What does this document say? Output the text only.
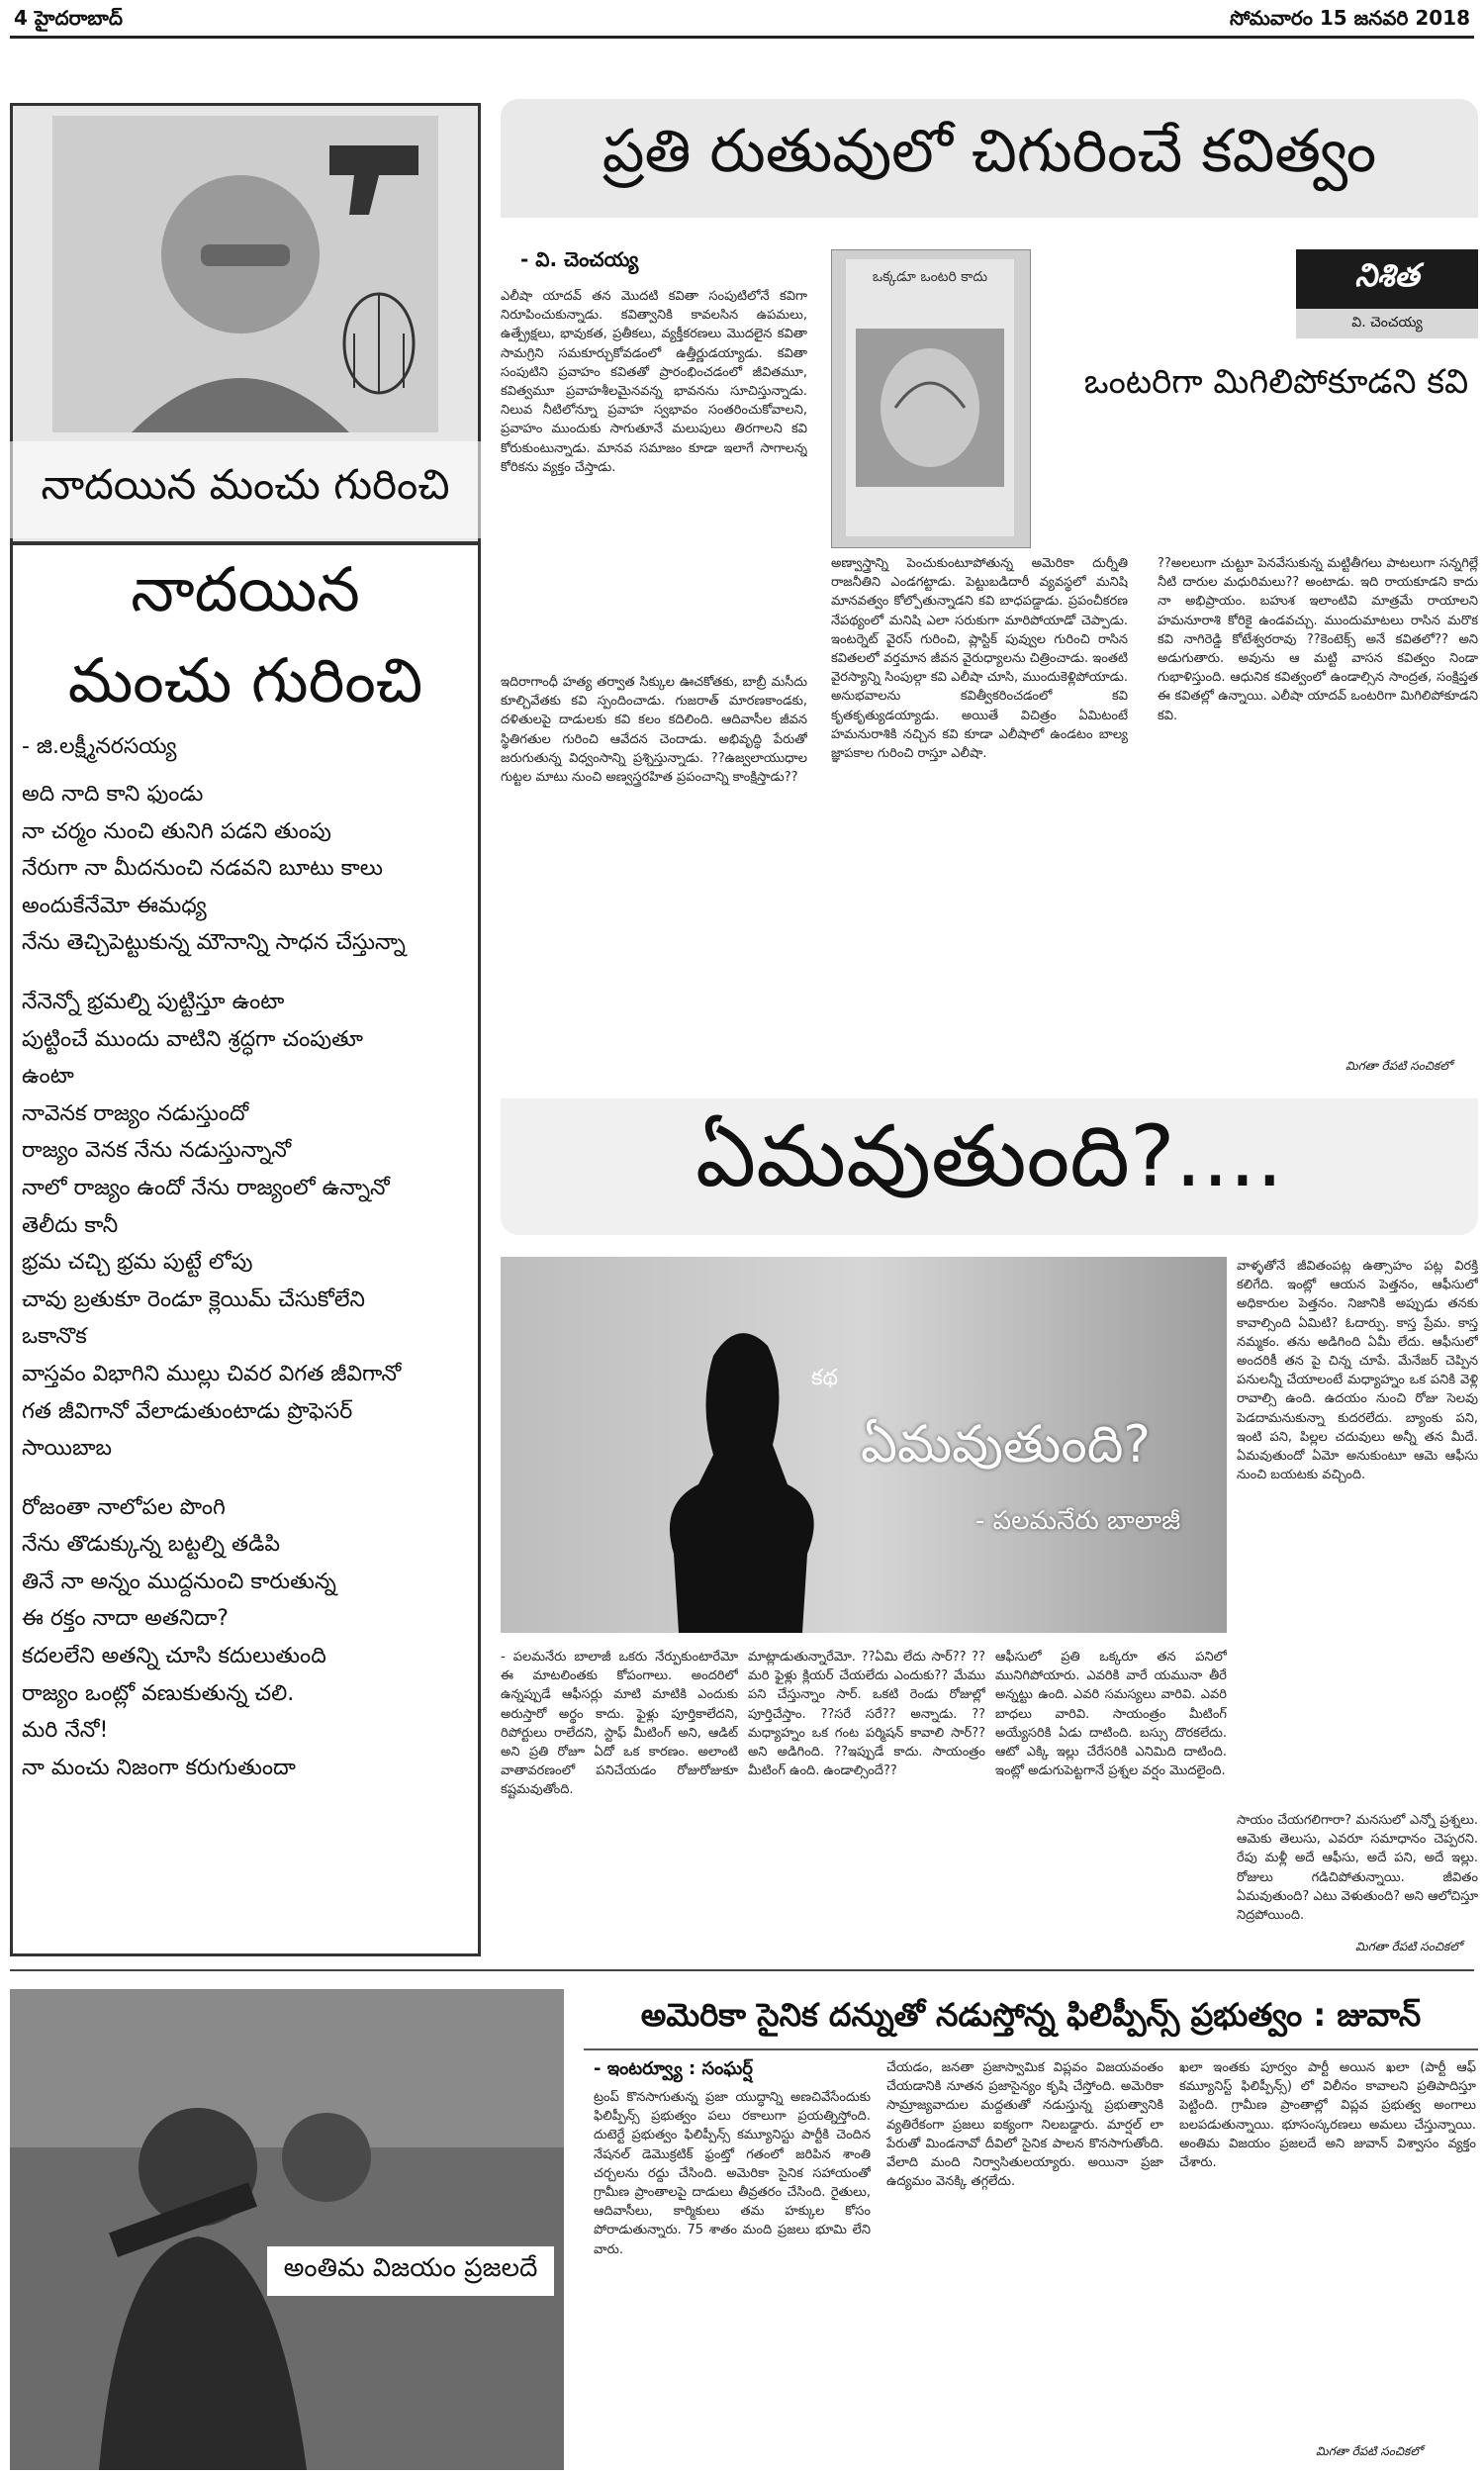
4 హైదరాబాద్	సోమవారం 15 జనవరి 2018
నాదయిన మంచు గురించి
నాదయిన
మంచు గురించి
- జి.లక్ష్మీనరసయ్య
అది నాది కాని ఫుండు
నా చర్మం నుంచి తునిగి పడని తుంపు
నేరుగా నా మీదనుంచి నడవని బూటు కాలు
అందుకేనేమో ఈమధ్య
నేను తెచ్చిపెట్టుకున్న మౌనాన్ని సాధన చేస్తున్నా
నేనెన్నో భ్రమల్ని పుట్టిస్తూ ఉంటా
పుట్టించే ముందు వాటిని శ్రద్ధగా చంపుతూ
ఉంటా
నావెనక రాజ్యం నడుస్తుందో
రాజ్యం వెనక నేను నడుస్తున్నానో
నాలో రాజ్యం ఉందో నేను రాజ్యంలో ఉన్నానో
తెలీదు కానీ
భ్రమ చచ్చి భ్రమ పుట్టే లోపు
చావు బ్రతుకూ రెండూ క్లెయిమ్ చేసుకోలేని
ఒకానొక
వాస్తవం విభాగిని ముల్లు చివర విగత జీవిగానో
గత జీవిగానో వేలాడుతుంటాడు ప్రొఫెసర్
సాయిబాబ
రోజంతా నాలోపల పొంగి
నేను తొడుక్కున్న బట్టల్ని తడిపి
తినే నా అన్నం ముద్దనుంచి కారుతున్న
ఈ రక్తం నాదా అతనిదా?
కదలలేని అతన్ని చూసి కదులుతుంది
రాజ్యం ఒంట్లో వణుకుతున్న చలి.
మరి నేనో!
నా మంచు నిజంగా కరుగుతుందా
ప్రతి రుతువులో చిగురించే కవిత్వం
- వి. చెంచయ్య
ఎలీషా యాదవ్ తన మొదటి కవితా సంపుటిలోనే కవిగా నిరూపించుకున్నాడు. కవిత్వానికి కావలసిన ఉపమలు, ఉత్ప్రేక్షలు, భావుకత, ప్రతీకలు, వ్యక్తీకరణలు మొదలైన కవితా సామగ్రిని సమకూర్చుకోవడంలో ఉత్తీర్ణుడయ్యాడు. కవితా సంపుటిని ప్రవాహం కవితతో ప్రారంభించడంలో జీవితమూ, కవిత్వమూ ప్రవాహశీలమైనవన్న భావనను సూచిస్తున్నాడు. నిలువ నీటిలోన్నూ ప్రవాహ స్వభావం సంతరించుకోవాలని, ప్రవాహం ముందుకు సాగుతూనే మలుపులు తిరగాలని కవి కోరుకుంటున్నాడు. మానవ సమాజం కూడా ఇలాగే సాగాలన్న కోరికను వ్యక్తం చేస్తాడు.
ఇదిరాగాంధీ హత్య తర్వాత సిక్కుల ఊచకోతకు, బాబ్రీ మసీదు కూల్చివేతకు కవి స్పందించాడు. గుజరాత్ మారణకాండకు, దళితులపై దాడులకు కవి కలం కదిలింది. ఆదివాసీల జీవన స్థితిగతుల గురించి ఆవేదన చెందాడు. అభివృద్ధి పేరుతో జరుగుతున్న విధ్వంసాన్ని ప్రశ్నిస్తున్నాడు. ??ఉజ్వలాయుధాల గుట్టల మాటు నుంచి అణ్వస్త్రరహిత ప్రపంచాన్ని కాంక్షిస్తాడు??
ఒక్కడూ ఒంటరి కాదు	నిశిత
వి. చెంచయ్య
ఒంటరిగా మిగిలిపోకూడని కవి
అణ్వాస్త్రాన్ని పెంచుకుంటూపోతున్న అమెరికా దుర్నీతి రాజనీతిని ఎండగట్టాడు. పెట్టుబడిదారీ వ్యవస్థలో మనిషి మానవత్వం కోల్పోతున్నాడని కవి బాధపడ్డాడు. ప్రపంచీకరణ నేపథ్యంలో మనిషి ఎలా సరుకుగా మారిపోయాడో చెప్పాడు. ఇంటర్నెట్ వైరస్ గురించి, ప్లాస్టిక్ పువ్వుల గురించి రాసిన కవితలలో వర్తమాన జీవన వైరుధ్యాలను చిత్రించాడు. ఇంతటి వైరస్యాన్ని సింపుల్గా కవి ఎలీషా చూసి, ముందుకెళ్లిపోయాడు. అనుభవాలను కవిత్వీకరించడంలో కవి కృతకృత్యుడయ్యాడు. అయితే విచిత్రం ఏమిటంటే హమనురాశికి నచ్చిన కవి కూడా ఎలీషాలో ఉండటం బాల్య జ్ఞాపకాల గురించి రాస్తూ ఎలీషా.
??అలలుగా చుట్టూ పెనవేసుకున్న మట్టితీగలు పాటలుగా సన్నగిల్లే నీటి దారుల మధురిమలు?? అంటాడు. ఇది రాయకూడని కాదు నా అభిప్రాయం. బహుశ ఇలాంటివి మాత్రమే రాయాలని హమనూరాశి కోరికై ఉండవచ్చు. ముందుమాటలు రాసిన మరొక కవి నాగిరెడ్డి కోటేశ్వరరావు ??కెంటెక్స్ అనే కవితలో?? అని అడుగుతారు. అవును ఆ మట్టి వాసన కవిత్వం నిండా గుభాళిస్తుంది. ఆధునిక కవిత్వంలో ఉండాల్సిన సాంద్రత, సంక్షిప్తత ఈ కవితల్లో ఉన్నాయి. ఎలీషా యాదవ్ ఒంటరిగా మిగిలిపోకూడని కవి.
మిగతా రేపటి సంచికలో
ఏమవుతుంది?....
కథ
ఏమవుతుంది?
- పలమనేరు బాలాజీ
వాళ్ళతోనే జీవితంపట్ల ఉత్సాహం పట్ల విరక్తి కలిగేది. ఇంట్లో ఆయన పెత్తనం, ఆఫీసులో అధికారుల పెత్తనం. నిజానికి అప్పుడు తనకు కావాల్సింది ఏమిటి? ఓదార్పు. కాస్త ప్రేమ. కాస్త నమ్మకం. తను అడిగింది ఏమీ లేదు. ఆఫీసులో అందరికీ తన పై చిన్న చూపే. మేనేజర్ చెప్పిన పనులన్నీ చేయాలంటే మధ్యాహ్నం ఒక పనికి వెళ్లి రావాల్సి ఉంది. ఉదయం నుంచి రోజు సెలవు పెడదామనుకున్నా కుదరలేదు. బ్యాంకు పని, ఇంటి పని, పిల్లల చదువులు అన్నీ తన మీదే. ఏమవుతుందో ఏమో అనుకుంటూ ఆమె ఆఫీసు నుంచి బయటకు వచ్చింది.
- పలమనేరు బాలాజీ ఒకరు నేర్పుకుంటారేమో ఈ మాటలింతకు కోపంగాలు. అందరిలో ఉన్నప్పుడే ఆఫీసర్లు మాటి మాటికి ఎందుకు అరుస్తారో అర్థం కాదు. ఫైళ్లు పూర్తికాలేదని, రిపోర్టులు రాలేదని, స్టాఫ్ మీటింగ్ అని, ఆడిట్ అని ప్రతి రోజూ ఏదో ఒక కారణం. అలాంటి వాతావరణంలో పనిచేయడం రోజురోజుకూ కష్టమవుతోంది.
మాట్లాడుతున్నారేమో. ??ఏమి లేదు సార్?? ??మరి ఫైళ్లు క్లియర్ చేయలేదు ఎందుకు?? మేము పని చేస్తున్నాం సార్. ఒకటి రెండు రోజుల్లో పూర్తిచేస్తాం. ??సరే సరే?? అన్నాడు. ??మధ్యాహ్నం ఒక గంట పర్మిషన్ కావాలి సార్?? అని అడిగింది. ??ఇప్పుడే కాదు. సాయంత్రం మీటింగ్ ఉంది. ఉండాల్సిందే??
ఆఫీసులో ప్రతి ఒక్కరూ తన పనిలో మునిగిపోయారు. ఎవరికి వారే యమునా తీరే అన్నట్టు ఉంది. ఎవరి సమస్యలు వారివి. ఎవరి బాధలు వారివి. సాయంత్రం మీటింగ్ అయ్యేసరికి ఏడు దాటింది. బస్సు దొరకలేదు. ఆటో ఎక్కి ఇల్లు చేరేసరికి ఎనిమిది దాటింది. ఇంట్లో అడుగుపెట్టగానే ప్రశ్నల వర్షం మొదలైంది.
సాయం చేయగలిగారా? మనసులో ఎన్నో ప్రశ్నలు. ఆమెకు తెలుసు, ఎవరూ సమాధానం చెప్పరని. రేపు మళ్లీ అదే ఆఫీసు, అదే పని, అదే ఇల్లు. రోజులు గడిచిపోతున్నాయి. జీవితం ఏమవుతుంది? ఎటు వెళుతుంది? అని ఆలోచిస్తూ నిద్రపోయింది.
మిగతా రేపటి సంచికలో
అంతిమ విజయం ప్రజలదే
అమెరికా సైనిక దన్నుతో నడుస్తోన్న ఫిలిప్పీన్స్ ప్రభుత్వం : జువాన్
- ఇంటర్వ్యూ : సంఘర్ష్
ట్రంప్ కొనసాగుతున్న ప్రజా యుద్ధాన్ని అణచివేసేందుకు ఫిలిప్పీన్స్ ప్రభుత్వం పలు రకాలుగా ప్రయత్నిస్తోంది. దుటెర్టే ప్రభుత్వం ఫిలిప్పీన్స్ కమ్యూనిస్టు పార్టీకి చెందిన నేషనల్ డెమొక్రటిక్ ఫ్రంట్తో గతంలో జరిపిన శాంతి చర్చలను రద్దు చేసింది. అమెరికా సైనిక సహాయంతో గ్రామీణ ప్రాంతాలపై దాడులు తీవ్రతరం చేసింది. రైతులు, ఆదివాసీలు, కార్మికులు తమ హక్కుల కోసం పోరాడుతున్నారు. 75 శాతం మంది ప్రజలు భూమి లేని వారు.
చేయడం, జనతా ప్రజాస్వామిక విప్లవం విజయవంతం చేయడానికి నూతన ప్రజాసైన్యం కృషి చేస్తోంది. అమెరికా సామ్రాజ్యవాదుల మద్దతుతో నడుస్తున్న ప్రభుత్వానికి వ్యతిరేకంగా ప్రజలు ఐక్యంగా నిలబడ్డారు. మార్షల్ లా పేరుతో మిండనావో దీవిలో సైనిక పాలన కొనసాగుతోంది. వేలాది మంది నిర్వాసితులయ్యారు. అయినా ప్రజా ఉద్యమం వెనక్కి తగ్గలేదు.
ఖలా ఇంతకు పూర్వం పార్టీ అయిన ఖలా (పార్టీ ఆఫ్ కమ్యూనిస్ట్ ఫిలిప్పీన్స్) లో విలీనం కావాలని ప్రతిపాదిస్తూ పెట్టింది. గ్రామీణ ప్రాంతాల్లో విప్లవ ప్రభుత్వ అంగాలు బలపడుతున్నాయి. భూసంస్కరణలు అమలు చేస్తున్నాయి. అంతిమ విజయం ప్రజలదే అని జువాన్ విశ్వాసం వ్యక్తం చేశారు.
మిగతా రేపటి సంచికలో
